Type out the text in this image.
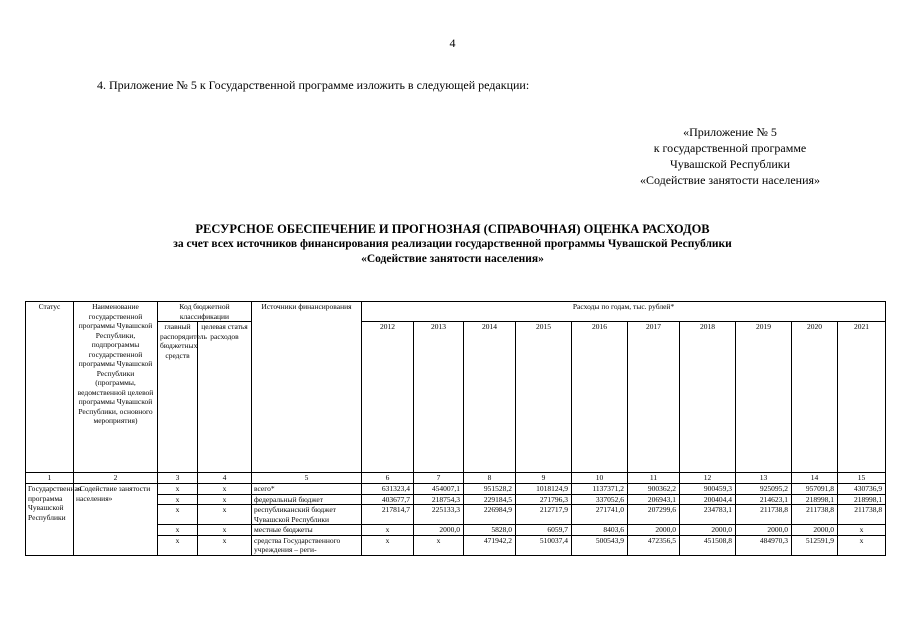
4
4. Приложение № 5 к Государственной программе изложить в следующей редакции:
«Приложение № 5
к государственной программе
Чувашской Республики
«Содействие занятости населения»
РЕСУРСНОЕ ОБЕСПЕЧЕНИЕ И ПРОГНОЗНАЯ (СПРАВОЧНАЯ) ОЦЕНКА РАСХОДОВ
за счет всех источников финансирования реализации государственной программы Чувашской Республики
«Содействие занятости населения»
Статус	Наименование государственной программы Чувашской Республики, подпрограммы государственной программы Чувашской Республики (программы, ведомственной целевой программы Чувашской Республики, основного мероприятия)	Код бюджетной классификации		Источники финансирования	Расходы по годам, тыс. рублей*									
		главный распорядитель бюджетных средств	целевая статья расходов		2012	2013	2014	2015	2016	2017	2018	2019	2020	2021

1	2	3	4	5	6	7	8	9	10	11	12	13	14	15
Государственная программа Чувашской Республики	«Содействие занятости населения»	x	x	всего*	631323,4	454007,1	951528,2	1018124,9	1137371,2	900362,2	900459,3	925095,2	957091,8	430736,9
		x	x	федеральный бюджет	403677,7	218754,3	229184,5	271796,3	337052,6	206943,1	200404,4	214623,1	218998,1	218998,1
		x	x	республиканский бюджет Чувашской Республики	217814,7	225133,3	226984,9	212717,9	271741,0	207299,6	234783,1	211738,8	211738,8	211738,8
		x	x	местные бюджеты	x	2000,0	5828,0	6059,7	8403,6	2000,0	2000,0	2000,0	2000,0	x
		x	x	средства Государственного учреждения – реги-	x	x	471942,2	510037,4	500543,9	472356,5	451508,8	484970,3	512591,9	x
